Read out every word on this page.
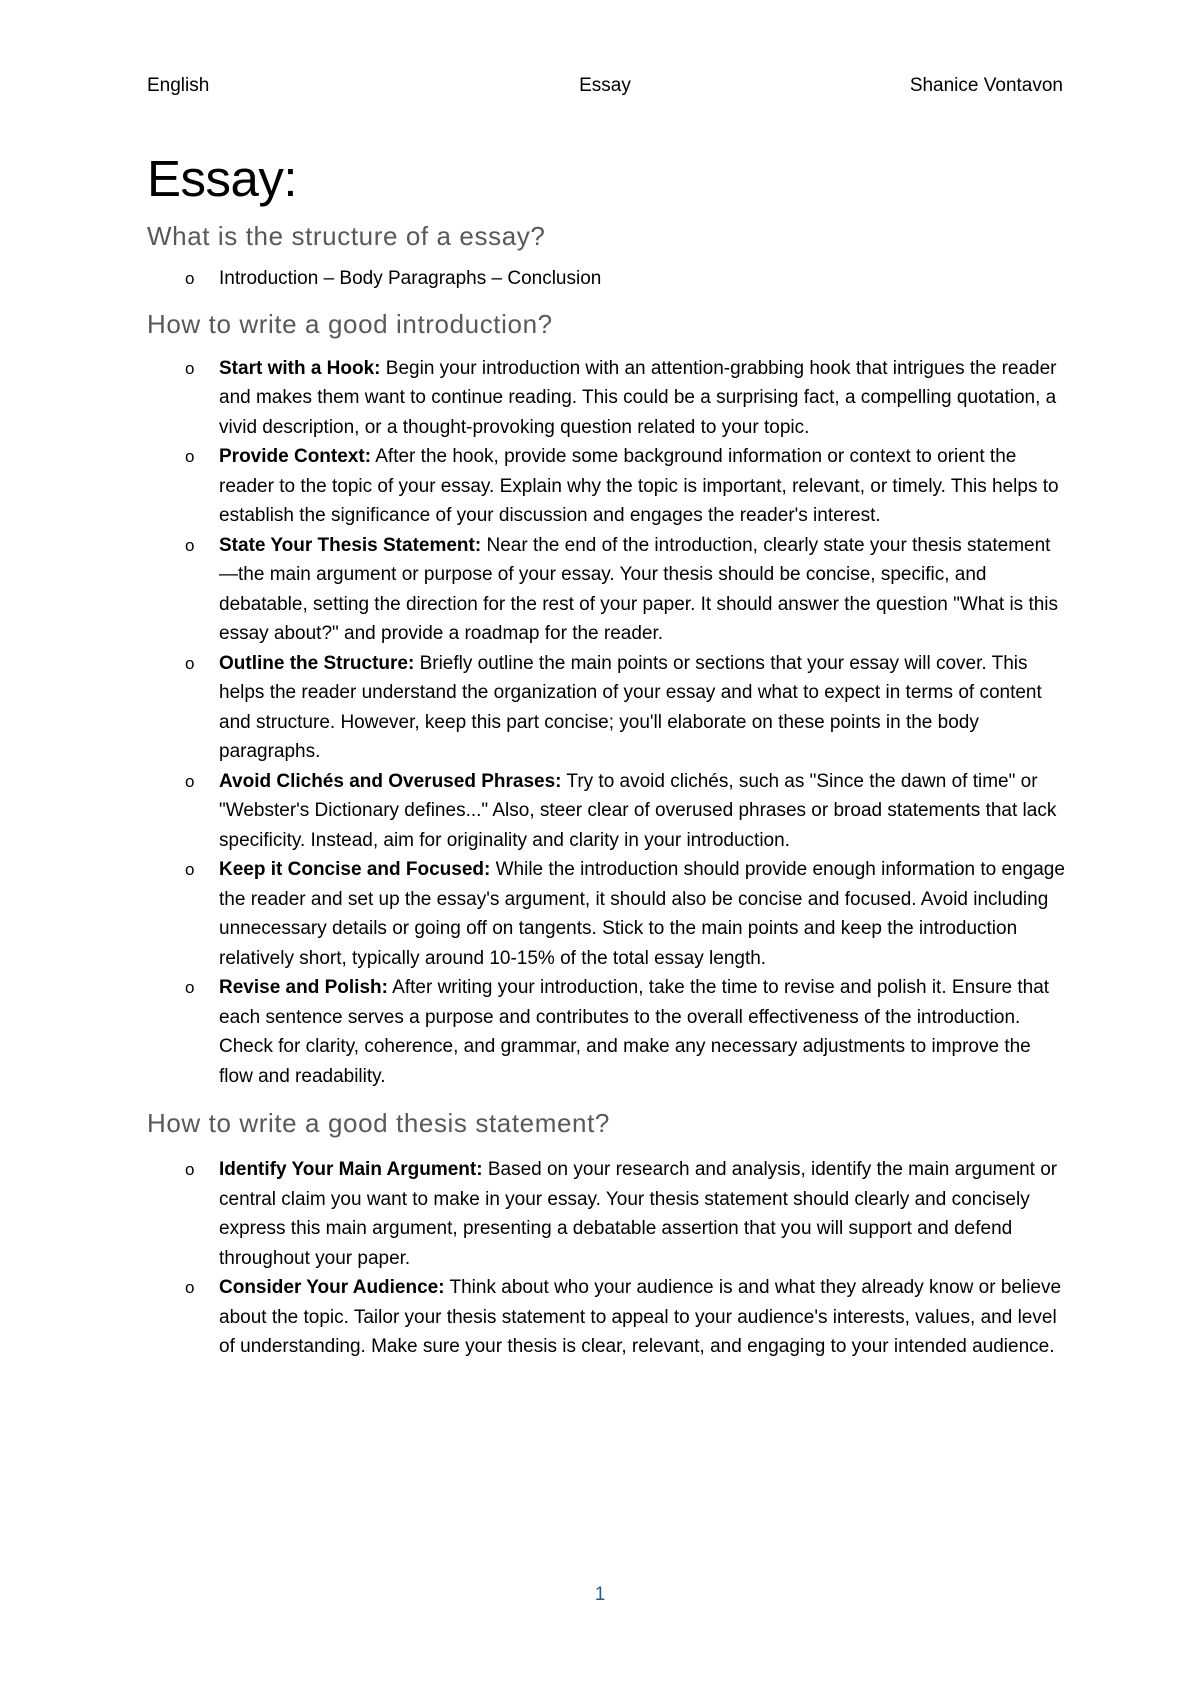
English	Essay	Shanice Vontavon
Essay:
What is the structure of a essay?
o Introduction – Body Paragraphs – Conclusion
How to write a good introduction?
o Start with a Hook: Begin your introduction with an attention-grabbing hook that intrigues the reader and makes them want to continue reading. This could be a surprising fact, a compelling quotation, a vivid description, or a thought-provoking question related to your topic.
o Provide Context: After the hook, provide some background information or context to orient the reader to the topic of your essay. Explain why the topic is important, relevant, or timely. This helps to establish the significance of your discussion and engages the reader's interest.
o State Your Thesis Statement: Near the end of the introduction, clearly state your thesis statement—the main argument or purpose of your essay. Your thesis should be concise, specific, and debatable, setting the direction for the rest of your paper. It should answer the question "What is this essay about?" and provide a roadmap for the reader.
o Outline the Structure: Briefly outline the main points or sections that your essay will cover. This helps the reader understand the organization of your essay and what to expect in terms of content and structure. However, keep this part concise; you'll elaborate on these points in the body paragraphs.
o Avoid Clichés and Overused Phrases: Try to avoid clichés, such as "Since the dawn of time" or "Webster's Dictionary defines..." Also, steer clear of overused phrases or broad statements that lack specificity. Instead, aim for originality and clarity in your introduction.
o Keep it Concise and Focused: While the introduction should provide enough information to engage the reader and set up the essay's argument, it should also be concise and focused. Avoid including unnecessary details or going off on tangents. Stick to the main points and keep the introduction relatively short, typically around 10-15% of the total essay length.
o Revise and Polish: After writing your introduction, take the time to revise and polish it. Ensure that each sentence serves a purpose and contributes to the overall effectiveness of the introduction. Check for clarity, coherence, and grammar, and make any necessary adjustments to improve the flow and readability.
How to write a good thesis statement?
o Identify Your Main Argument: Based on your research and analysis, identify the main argument or central claim you want to make in your essay. Your thesis statement should clearly and concisely express this main argument, presenting a debatable assertion that you will support and defend throughout your paper.
o Consider Your Audience: Think about who your audience is and what they already know or believe about the topic. Tailor your thesis statement to appeal to your audience's interests, values, and level of understanding. Make sure your thesis is clear, relevant, and engaging to your intended audience.
1
